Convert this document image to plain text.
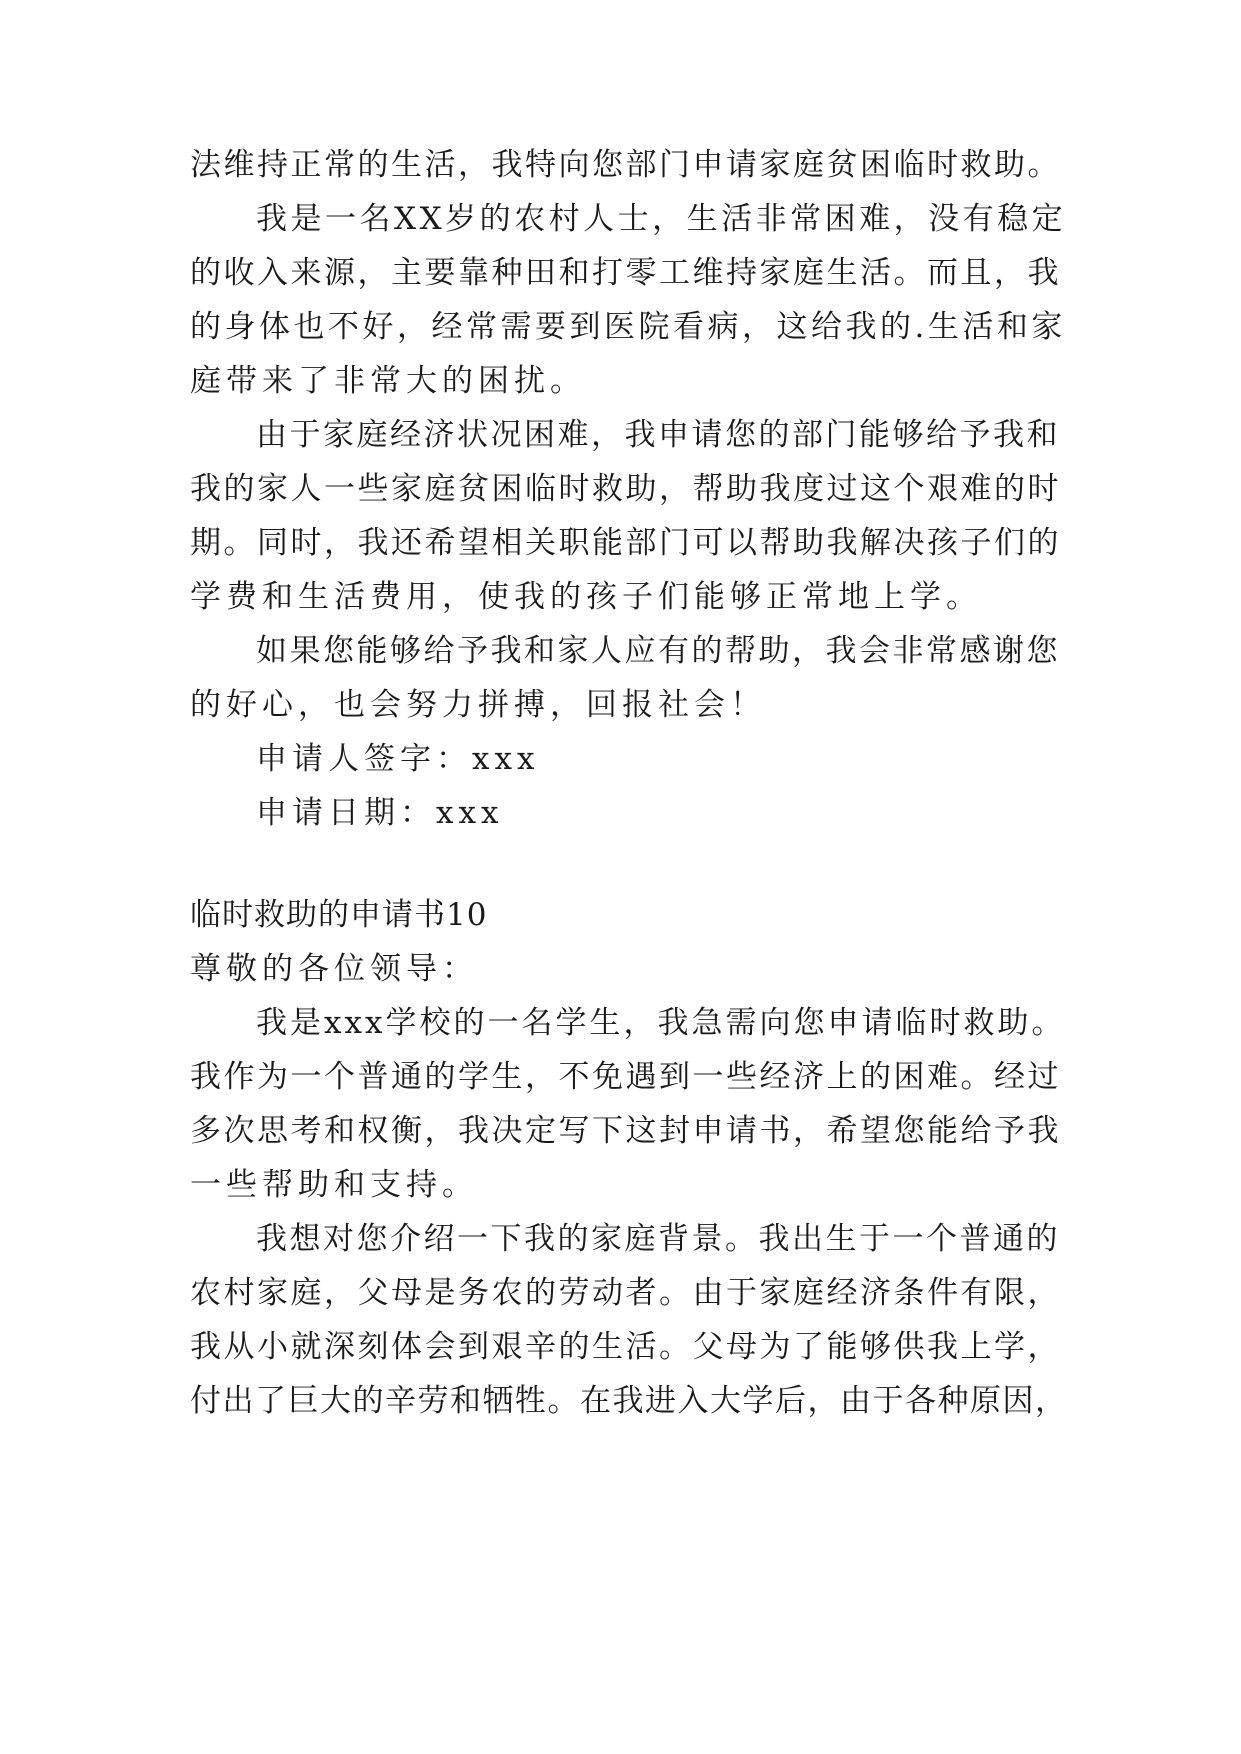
法维持正常的生活，我特向您部门申请家庭贫困临时救助。
我是一名XX岁的农村人士，生活非常困难，没有稳定
的收入来源，主要靠种田和打零工维持家庭生活。而且，我
的身体也不好，经常需要到医院看病，这给我的.生活和家
庭带来了非常大的困扰。
由于家庭经济状况困难，我申请您的部门能够给予我和
我的家人一些家庭贫困临时救助，帮助我度过这个艰难的时
期。同时，我还希望相关职能部门可以帮助我解决孩子们的
学费和生活费用，使我的孩子们能够正常地上学。
如果您能够给予我和家人应有的帮助，我会非常感谢您
的好心，也会努力拼搏，回报社会！
申请人签字：xxx
申请日期：xxx
临时救助的申请书10
尊敬的各位领导：
我是xxx学校的一名学生，我急需向您申请临时救助。
我作为一个普通的学生，不免遇到一些经济上的困难。经过
多次思考和权衡，我决定写下这封申请书，希望您能给予我
一些帮助和支持。
我想对您介绍一下我的家庭背景。我出生于一个普通的
农村家庭，父母是务农的劳动者。由于家庭经济条件有限，
我从小就深刻体会到艰辛的生活。父母为了能够供我上学，
付出了巨大的辛劳和牺牲。在我进入大学后，由于各种原因，
